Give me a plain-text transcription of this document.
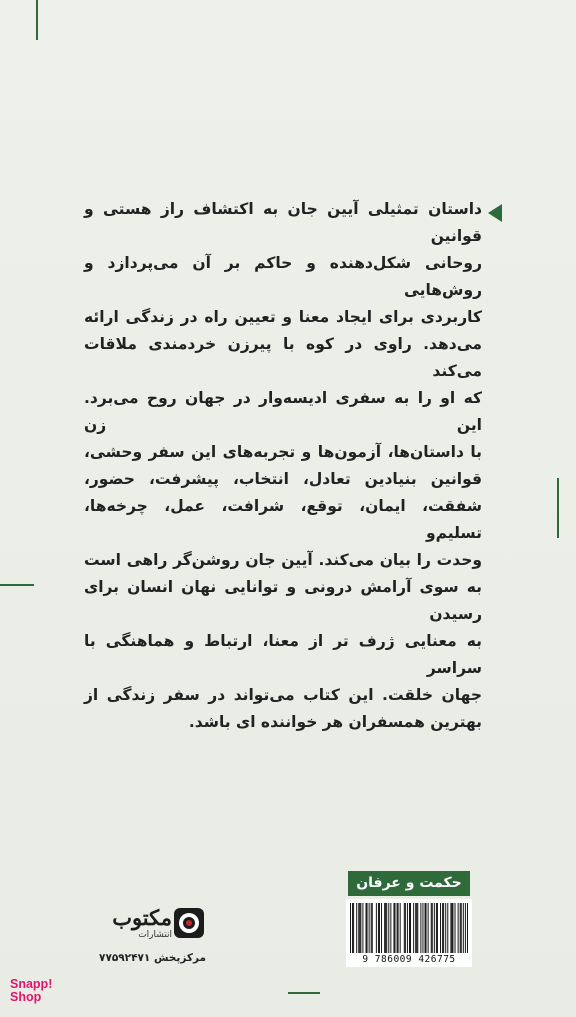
داستان تمثیلی آیین جان به اکتشاف راز هستی و قوانین
روحانی شکل‌دهنده و حاکم بر آن می‌پردازد و روش‌هایی
کاربردی برای ایجاد معنا و تعیین راه در زندگی ارائه
می‌دهد. راوی در کوه با پیرزن خردمندی ملاقات می‌کند
که او را به سفری ادیسه‌وار در جهان روح می‌برد. این زن
با داستان‌ها، آزمون‌ها و تجربه‌های این سفر وحشی،
قوانین بنیادین تعادل، انتخاب، پیشرفت، حضور،
شفقت، ایمان، توقع، شرافت، عمل، چرخه‌ها، تسلیم‌و
وحدت را بیان می‌کند. آیین جان روشن‌گر راهی است
به سوی آرامش درونی و توانایی نهان انسان برای رسیدن
به معنایی ژرف تر از معنا، ارتباط و هماهنگی با سراسر
جهان خلقت. این کتاب می‌تواند در سفر زندگی از
بهترین همسفران هر خواننده ای باشد.
حکمت و عرفان
9 786009 426775
مکتوب
انتشارات
مرکزپخش ۷۷۵۹۲۴۷۱
Snapp!
Shop
